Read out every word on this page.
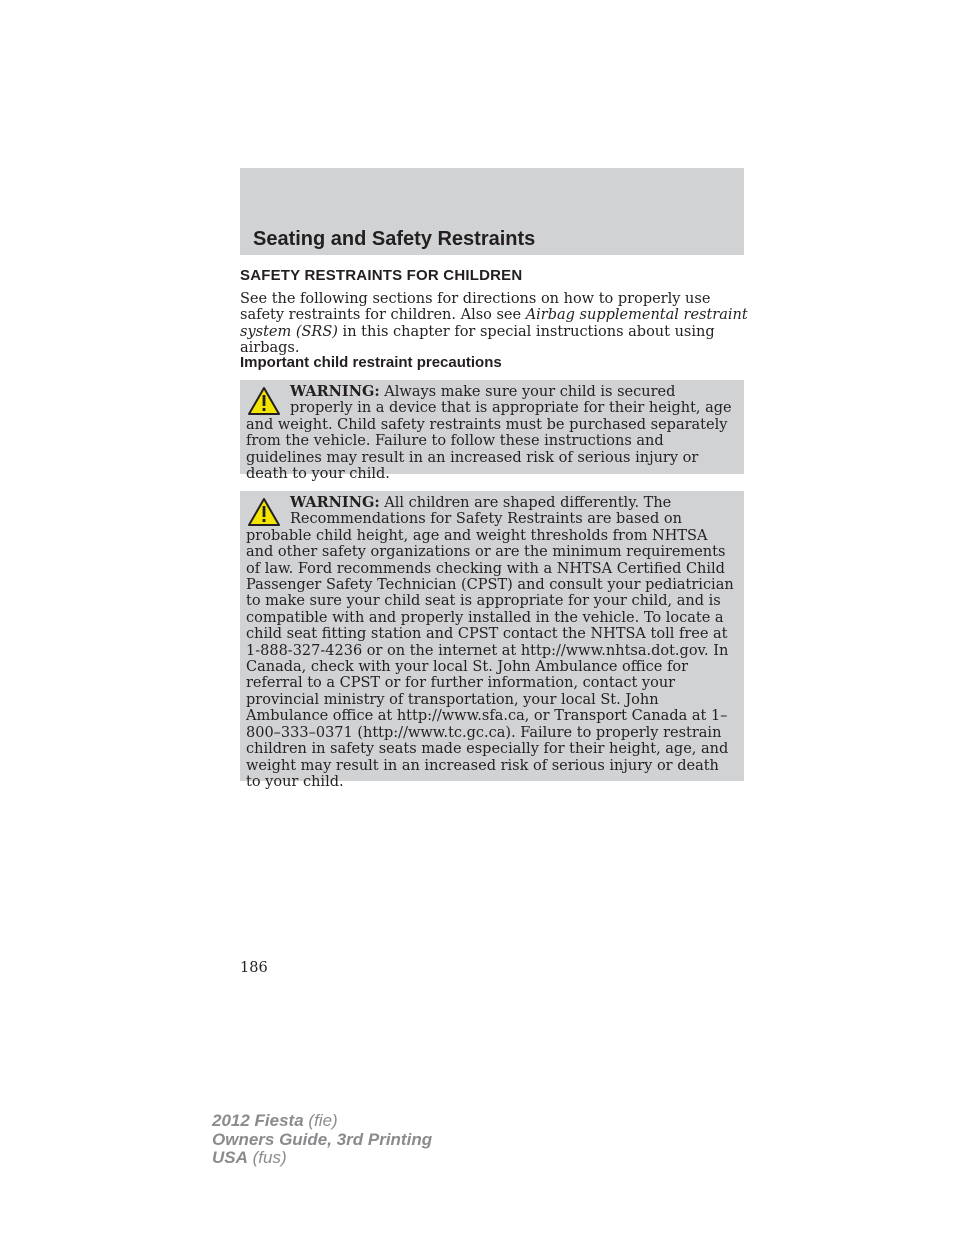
Seating and Safety Restraints
SAFETY RESTRAINTS FOR CHILDREN

See the following sections for directions on how to properly use safety restraints for children. Also see Airbag supplemental restraint system (SRS) in this chapter for special instructions about using airbags.

Important child restraint precautions

WARNING: Always make sure your child is secured properly in a device that is appropriate for their height, age and weight. Child safety restraints must be purchased separately from the vehicle. Failure to follow these instructions and guidelines may result in an increased risk of serious injury or death to your child.

WARNING: All children are shaped differently. The Recommendations for Safety Restraints are based on probable child height, age and weight thresholds from NHTSA and other safety organizations or are the minimum requirements of law. Ford recommends checking with a NHTSA Certified Child Passenger Safety Technician (CPST) and consult your pediatrician to make sure your child seat is appropriate for your child, and is compatible with and properly installed in the vehicle. To locate a child seat fitting station and CPST contact the NHTSA toll free at 1-888-327-4236 or on the internet at http://www.nhtsa.dot.gov. In Canada, check with your local St. John Ambulance office for referral to a CPST or for further information, contact your provincial ministry of transportation, your local St. John Ambulance office at http://www.sfa.ca, or Transport Canada at 1–800–333–0371 (http://www.tc.gc.ca). Failure to properly restrain children in safety seats made especially for their height, age, and weight may result in an increased risk of serious injury or death to your child.

186

2012 Fiesta (fie)
Owners Guide, 3rd Printing
USA (fus)
